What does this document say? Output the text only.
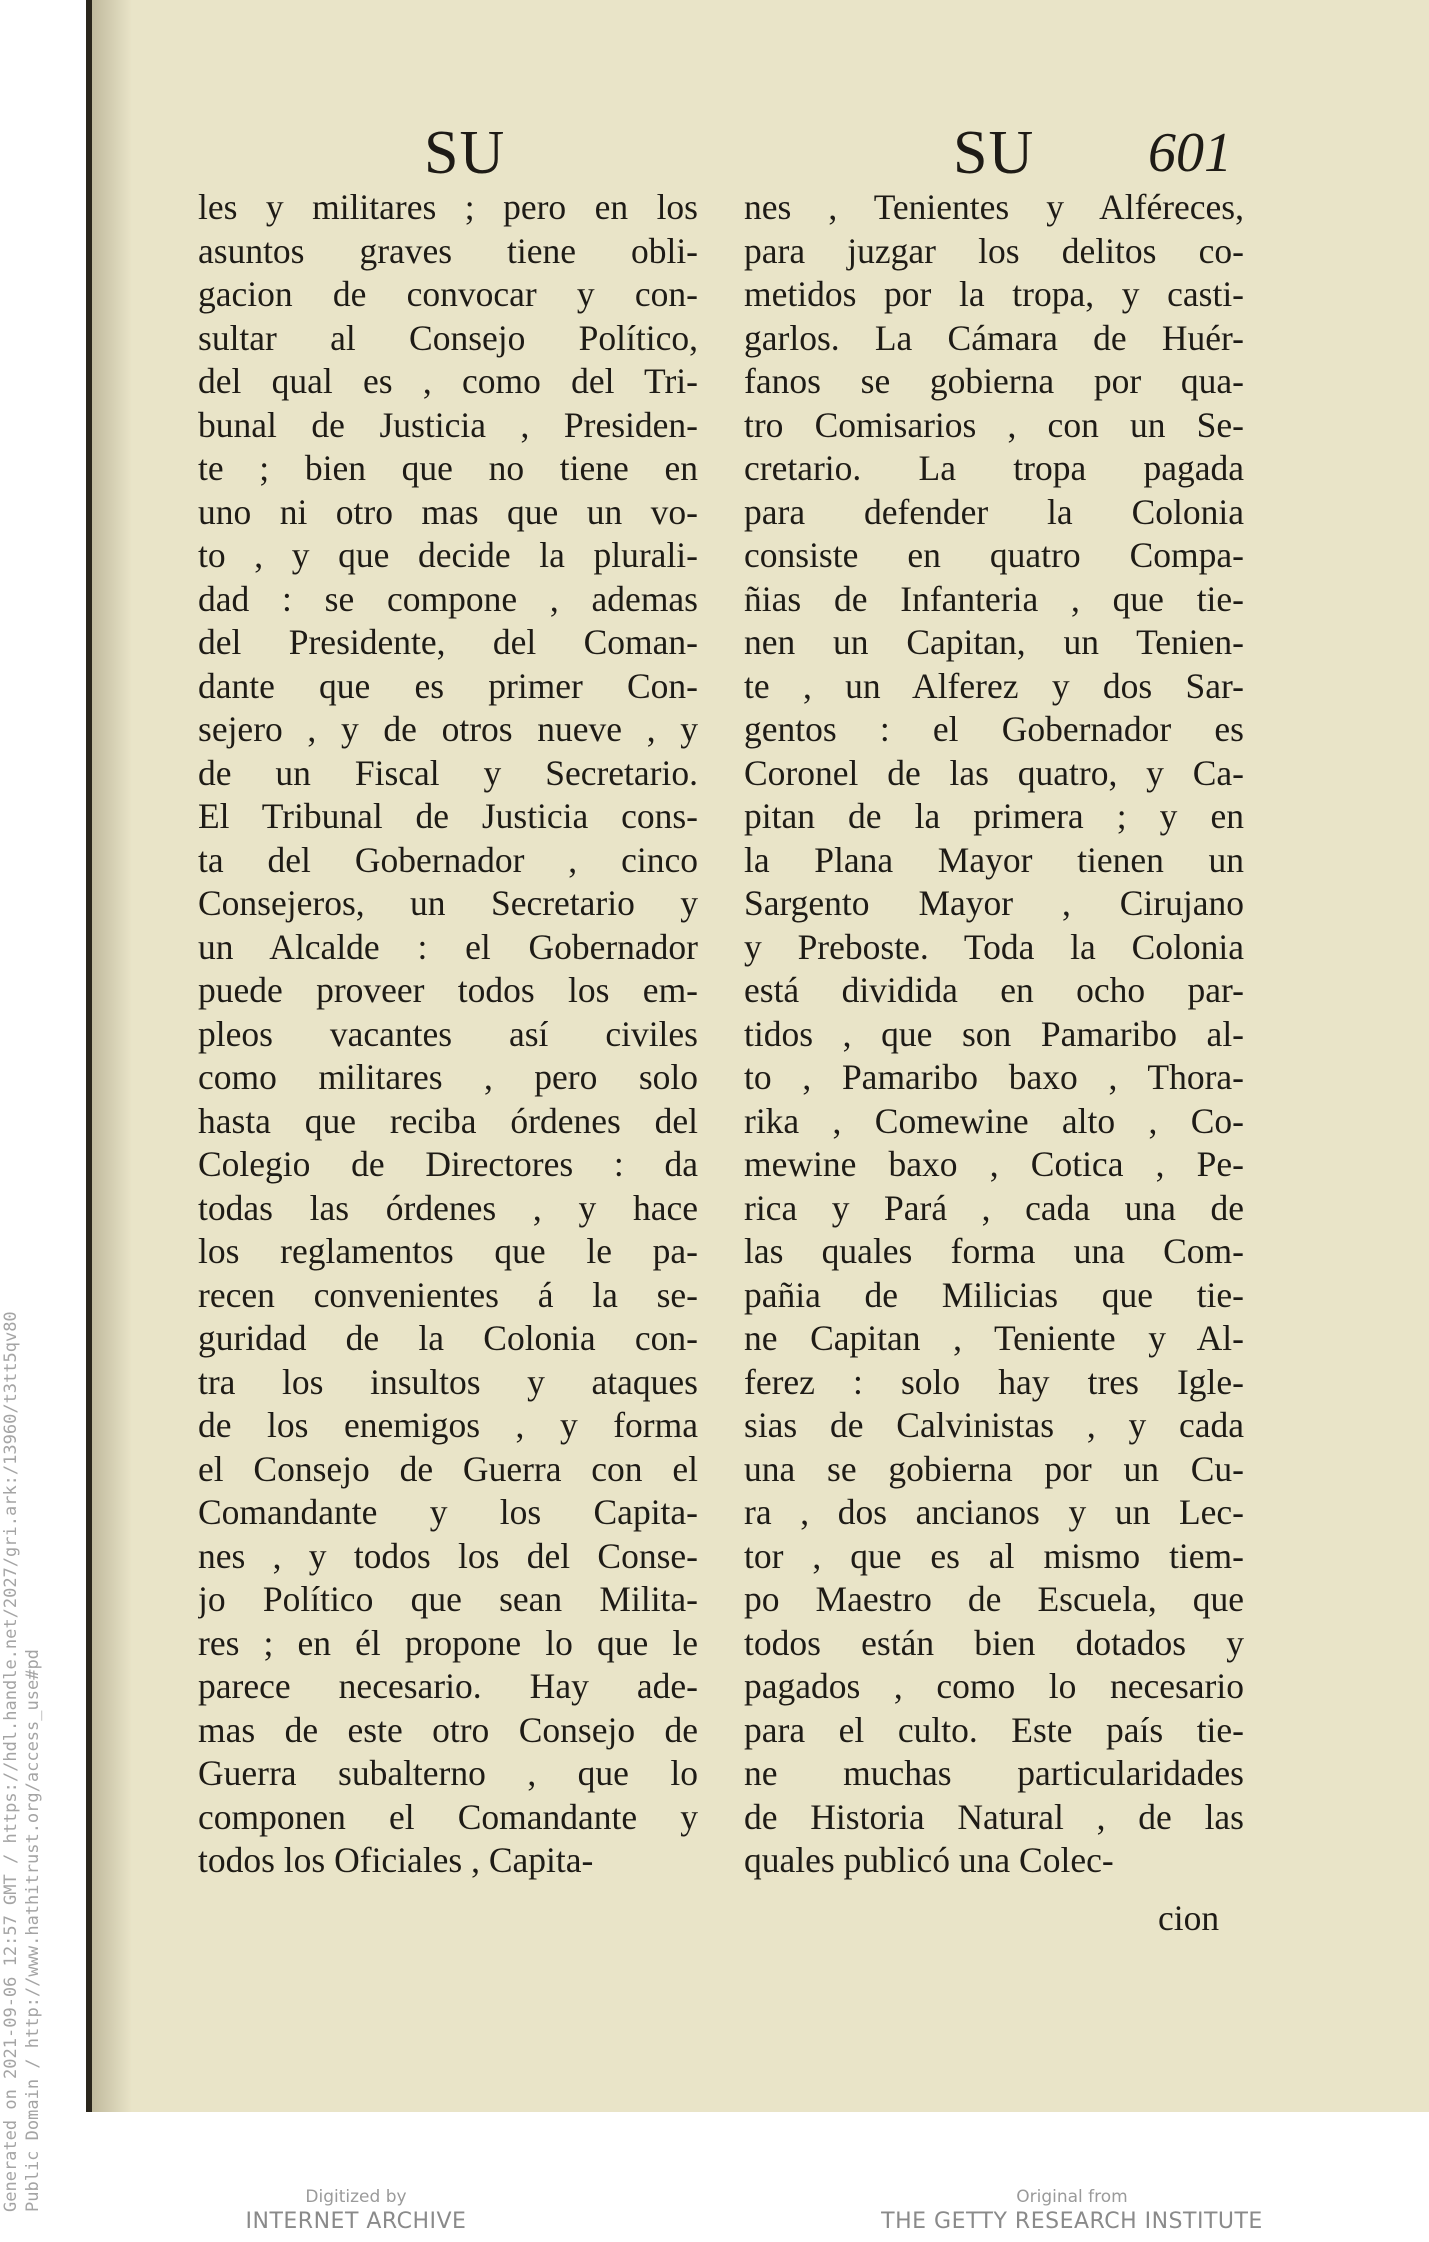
SU	SU 601
les y militares ; pero en los
asuntos graves tiene obli-
gacion de convocar y con-
sultar al Consejo Político,
del qual es , como del Tri-
bunal de Justicia , Presiden-
te ; bien que no tiene en
uno ni otro mas que un vo-
to , y que decide la plurali-
dad : se compone , ademas
del Presidente, del Coman-
dante que es primer Con-
sejero , y de otros nueve , y
de un Fiscal y Secretario.
El Tribunal de Justicia cons-
ta del Gobernador , cinco
Consejeros, un Secretario y
un Alcalde : el Gobernador
puede proveer todos los em-
pleos vacantes así civiles
como militares , pero solo
hasta que reciba órdenes del
Colegio de Directores : da
todas las órdenes , y hace
los reglamentos que le pa-
recen convenientes á la se-
guridad de la Colonia con-
tra los insultos y ataques
de los enemigos , y forma
el Consejo de Guerra con el
Comandante y los Capita-
nes , y todos los del Conse-
jo Político que sean Milita-
res ; en él propone lo que le
parece necesario. Hay ade-
mas de este otro Consejo de
Guerra subalterno , que lo
componen el Comandante y
todos los Oficiales , Capita-
nes , Tenientes y Alféreces,
para juzgar los delitos co-
metidos por la tropa, y casti-
garlos. La Cámara de Huér-
fanos se gobierna por qua-
tro Comisarios , con un Se-
cretario. La tropa pagada
para defender la Colonia
consiste en quatro Compa-
ñias de Infanteria , que tie-
nen un Capitan, un Tenien-
te , un Alferez y dos Sar-
gentos : el Gobernador es
Coronel de las quatro, y Ca-
pitan de la primera ; y en
la Plana Mayor tienen un
Sargento Mayor , Cirujano
y Preboste. Toda la Colonia
está dividida en ocho par-
tidos , que son Pamaribo al-
to , Pamaribo baxo , Thora-
rika , Comewine alto , Co-
mewine baxo , Cotica , Pe-
rica y Pará , cada una de
las quales forma una Com-
pañia de Milicias que tie-
ne Capitan , Teniente y Al-
ferez : solo hay tres Igle-
sias de Calvinistas , y cada
una se gobierna por un Cu-
ra , dos ancianos y un Lec-
tor , que es al mismo tiem-
po Maestro de Escuela, que
todos están bien dotados y
pagados , como lo necesario
para el culto. Este país tie-
ne muchas particularidades
de Historia Natural , de las
quales publicó una Colec-
cion
Generated on 2021-09-06 12:57 GMT / https://hdl.handle.net/2027/gri.ark:/13960/t3tt5qv80 Public Domain / http://www.hathitrust.org/access_use#pd	Digitized by
INTERNET ARCHIVE
Original from
THE GETTY RESEARCH INSTITUTE
